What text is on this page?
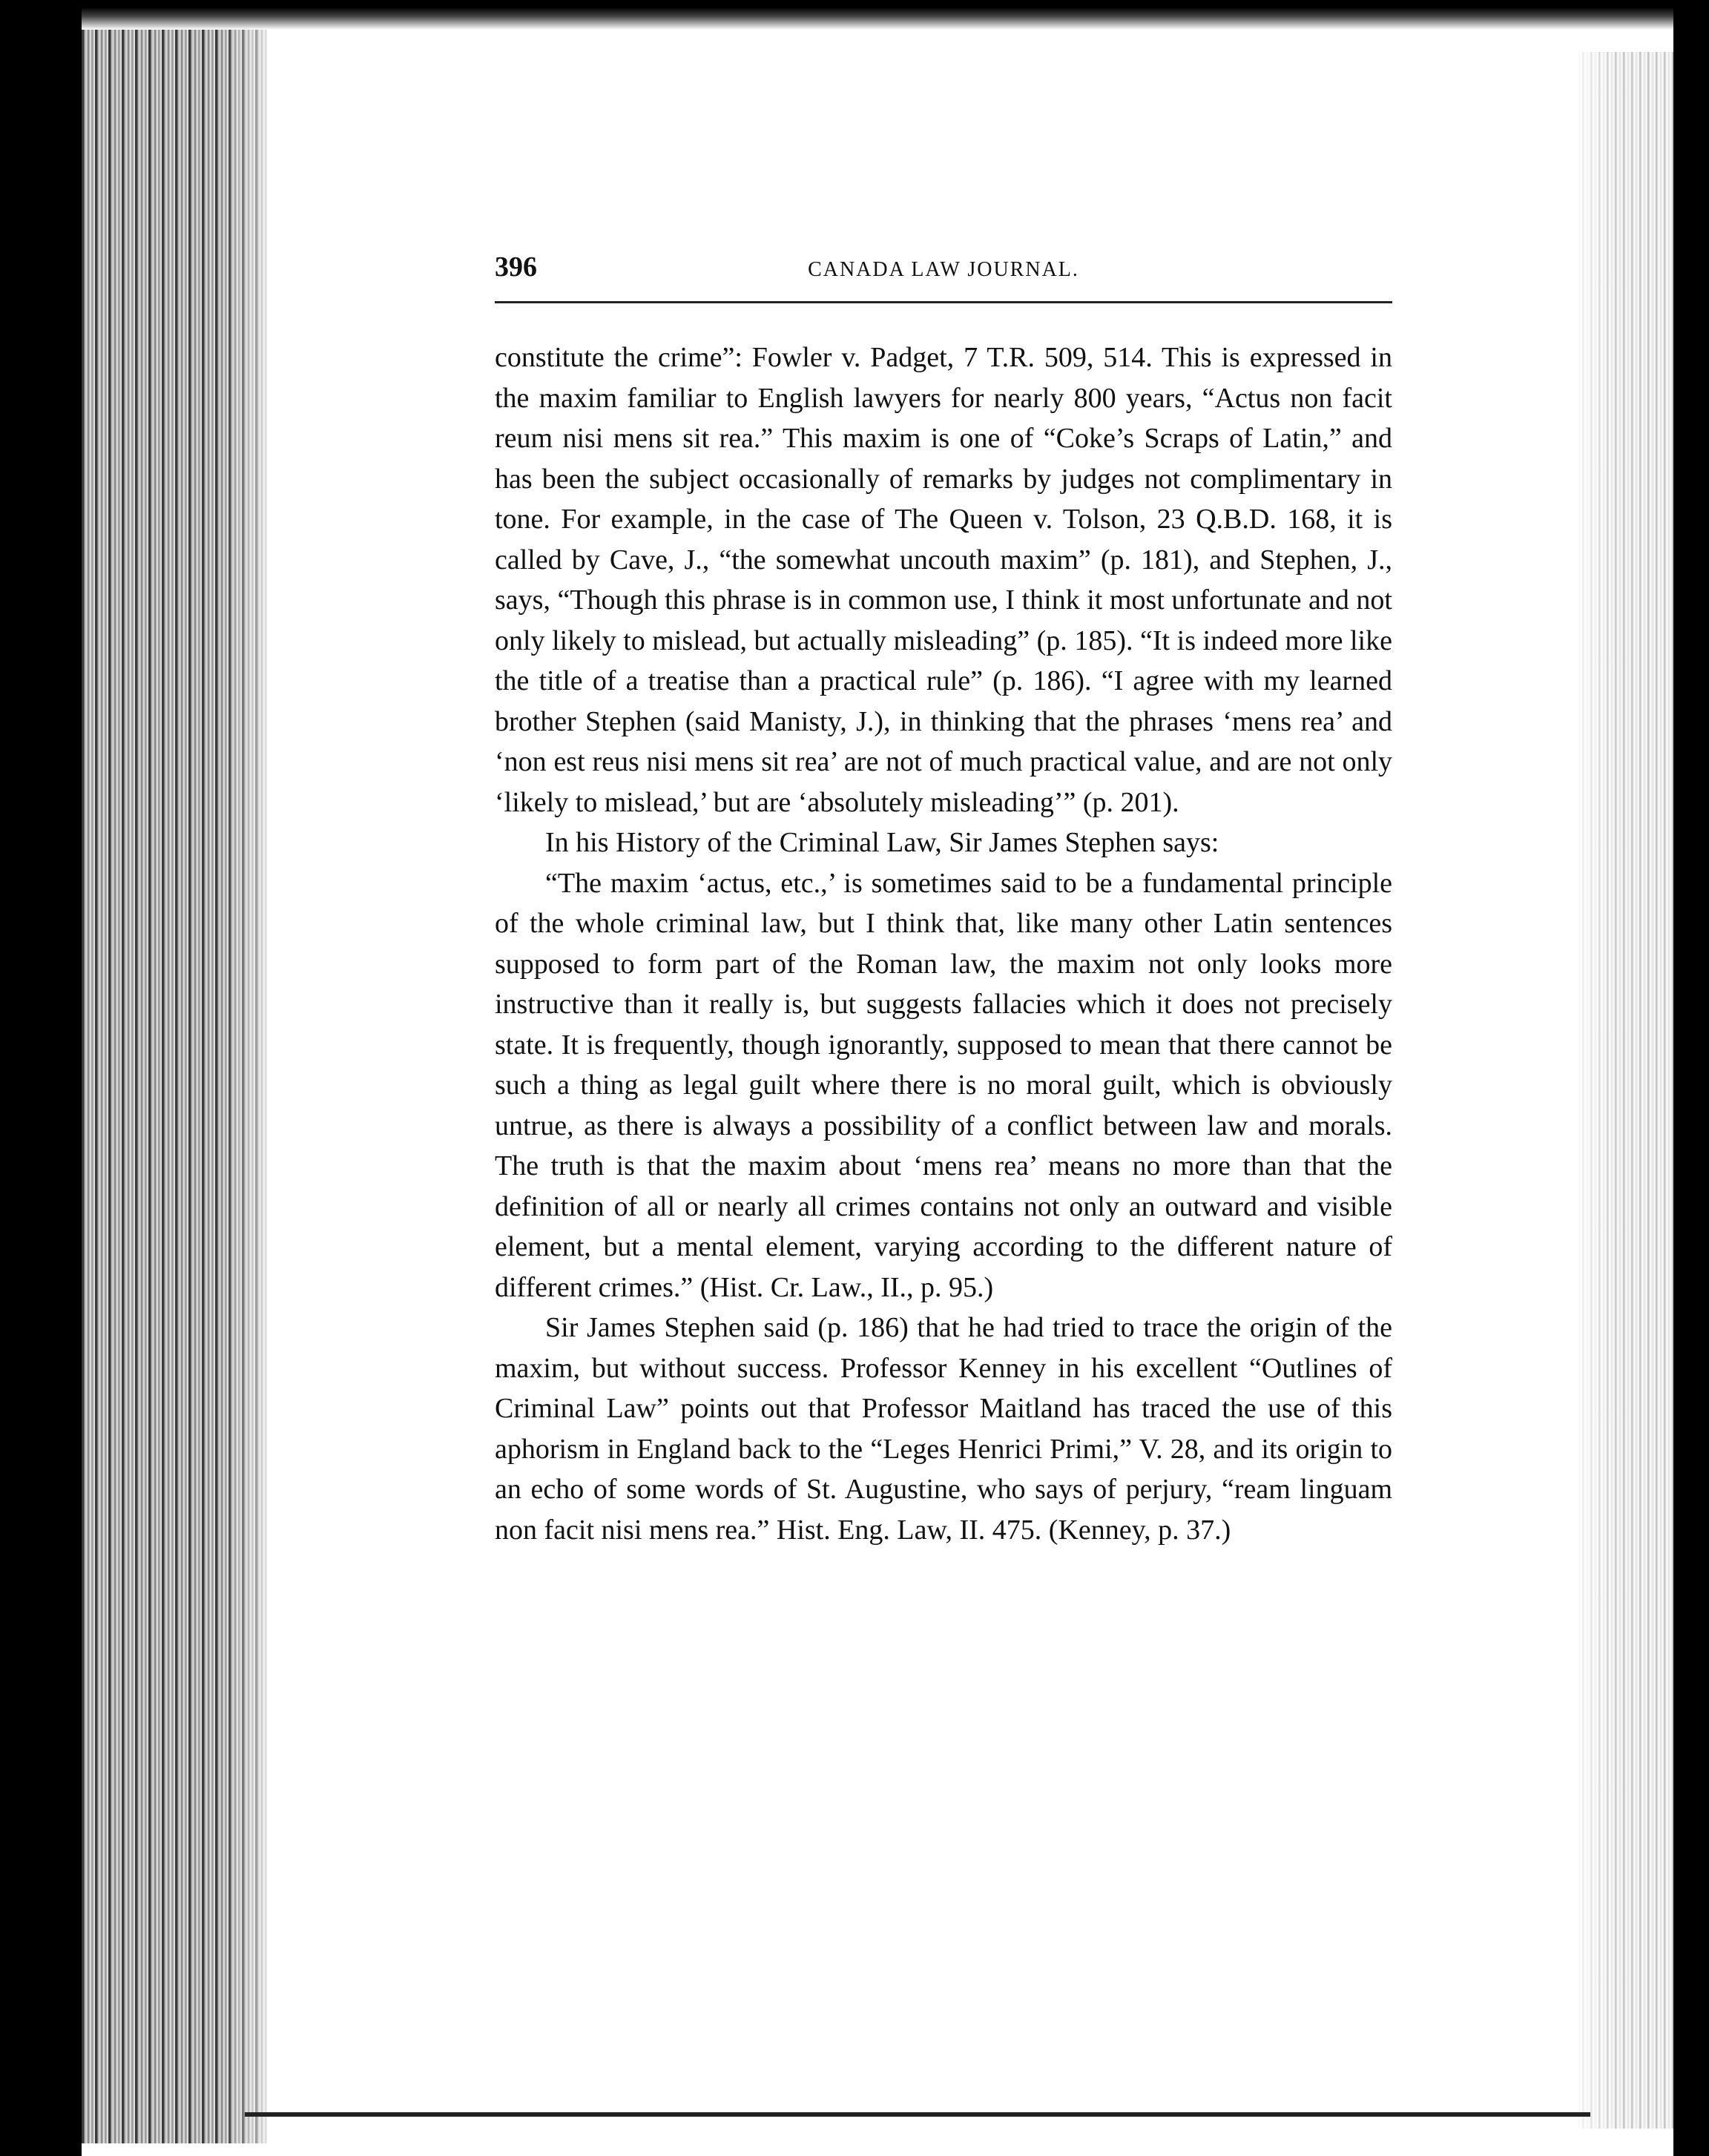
396	CANADA LAW JOURNAL.

constitute the crime”: Fowler v. Padget, 7 T.R. 509, 514. This is expressed in the maxim familiar to English lawyers for nearly 800 years, “Actus non facit reum nisi mens sit rea.” This maxim is one of “Coke’s Scraps of Latin,” and has been the subject occasionally of remarks by judges not complimentary in tone. For example, in the case of The Queen v. Tolson, 23 Q.B.D. 168, it is called by Cave, J., “the somewhat uncouth maxim” (p. 181), and Stephen, J., says, “Though this phrase is in common use, I think it most unfortunate and not only likely to mislead, but actually misleading” (p. 185). “It is indeed more like the title of a treatise than a practical rule” (p. 186). “I agree with my learned brother Stephen (said Manisty, J.), in thinking that the phrases ‘mens rea’ and ‘non est reus nisi mens sit rea’ are not of much practical value, and are not only ‘likely to mislead,’ but are ‘absolutely misleading’” (p. 201).

In his History of the Criminal Law, Sir James Stephen says:

“The maxim ‘actus, etc.,’ is sometimes said to be a fundamental principle of the whole criminal law, but I think that, like many other Latin sentences supposed to form part of the Roman law, the maxim not only looks more instructive than it really is, but suggests fallacies which it does not precisely state. It is frequently, though ignorantly, supposed to mean that there cannot be such a thing as legal guilt where there is no moral guilt, which is obviously untrue, as there is always a possibility of a conflict between law and morals. The truth is that the maxim about ‘mens rea’ means no more than that the definition of all or nearly all crimes contains not only an outward and visible element, but a mental element, varying according to the different nature of different crimes.” (Hist. Cr. Law., II., p. 95.)

Sir James Stephen said (p. 186) that he had tried to trace the origin of the maxim, but without success. Professor Kenney in his excellent “Outlines of Criminal Law” points out that Professor Maitland has traced the use of this aphorism in England back to the “Leges Henrici Primi,” V. 28, and its origin to an echo of some words of St. Augustine, who says of perjury, “ream linguam non facit nisi mens rea.” Hist. Eng. Law, II. 475. (Kenney, p. 37.)
